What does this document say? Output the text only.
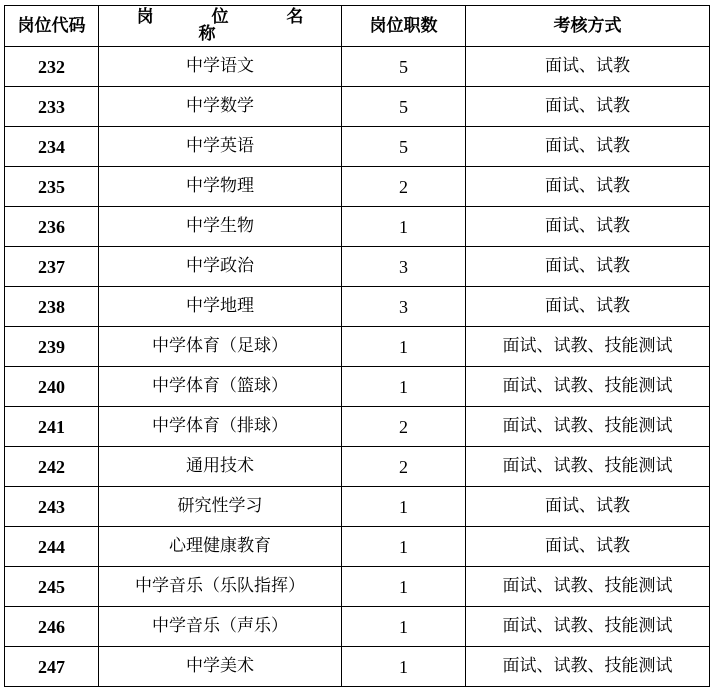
岗位代码	岗 位 名 称	岗位职数	考核方式
232	中学语文	5	面试、试教
233	中学数学	5	面试、试教
234	中学英语	5	面试、试教
235	中学物理	2	面试、试教
236	中学生物	1	面试、试教
237	中学政治	3	面试、试教
238	中学地理	3	面试、试教
239	中学体育（足球）	1	面试、试教、技能测试
240	中学体育（篮球）	1	面试、试教、技能测试
241	中学体育（排球）	2	面试、试教、技能测试
242	通用技术	2	面试、试教、技能测试
243	研究性学习	1	面试、试教
244	心理健康教育	1	面试、试教
245	中学音乐（乐队指挥）	1	面试、试教、技能测试
246	中学音乐（声乐）	1	面试、试教、技能测试
247	中学美术	1	面试、试教、技能测试
